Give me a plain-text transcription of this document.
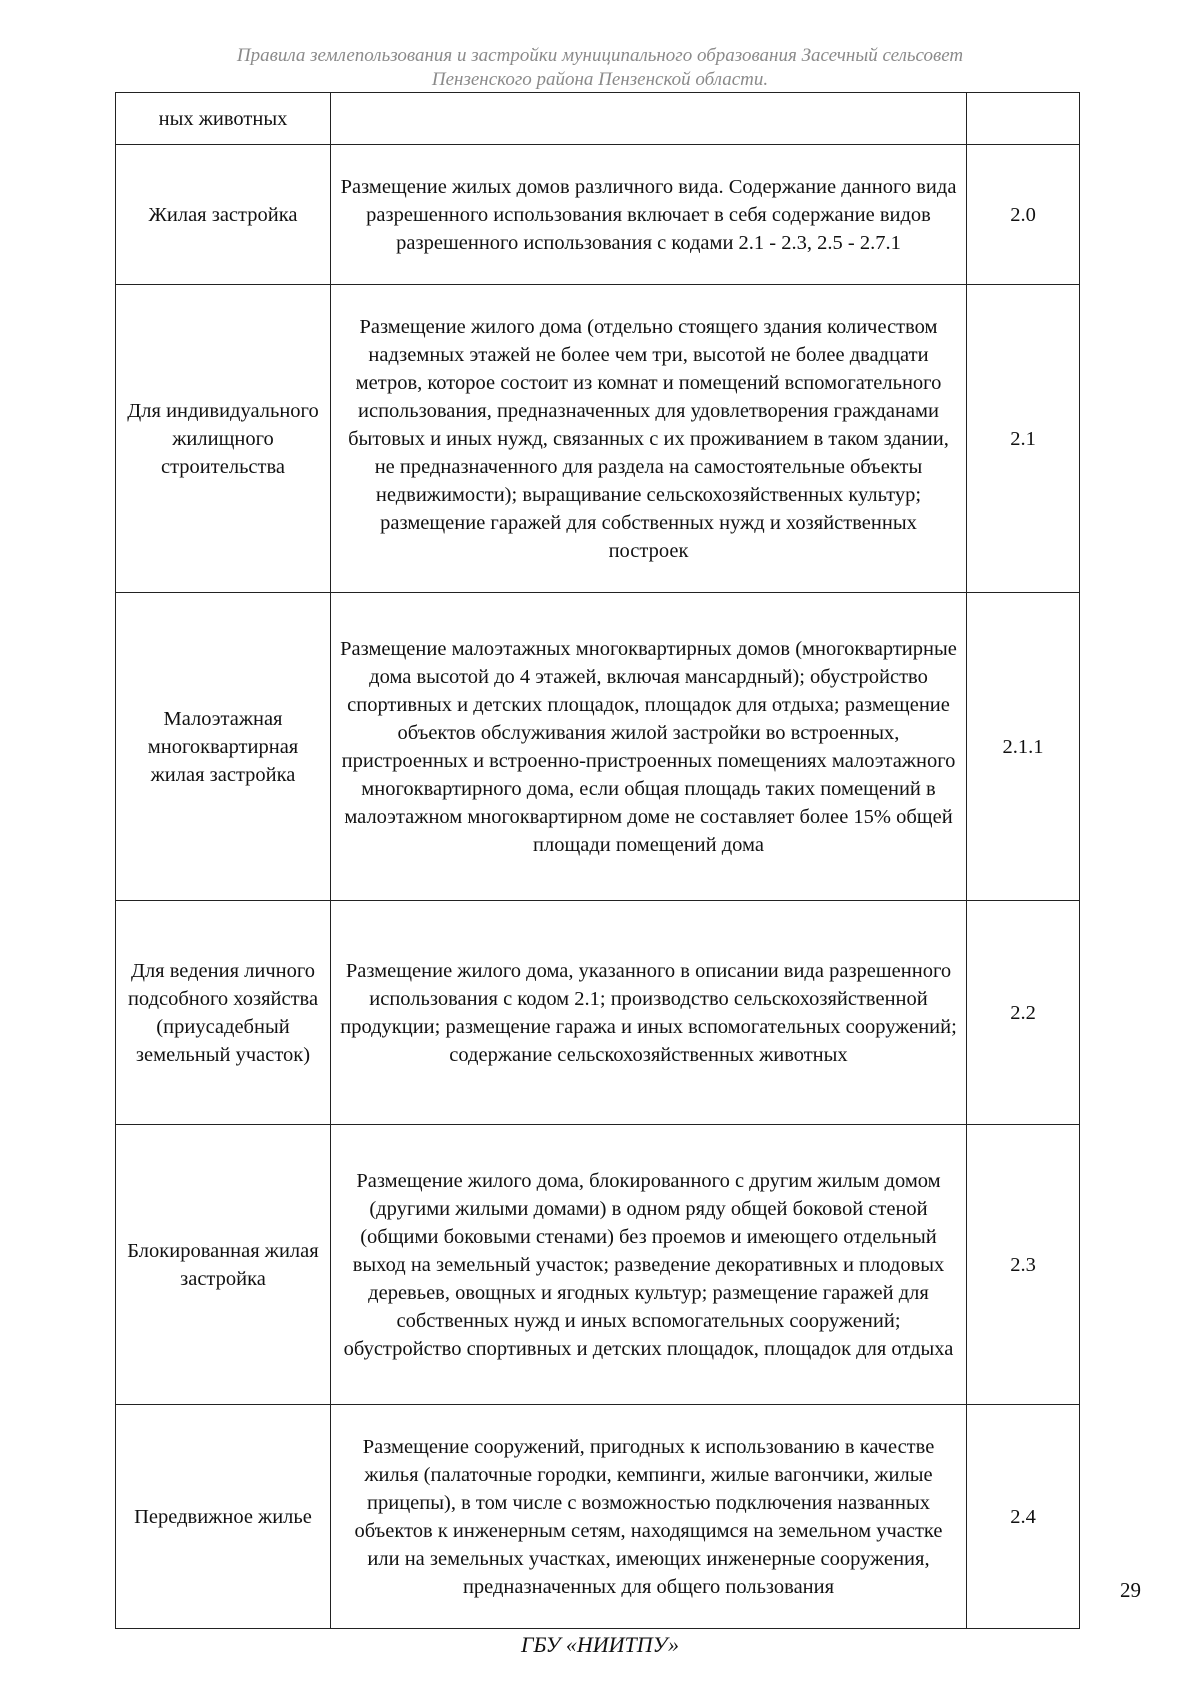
Правила землепользования и застройки муниципального образования Засечный сельсовет
Пензенского района Пензенской области.
ных животных		
Жилая застройка	Размещение жилых домов различного вида. Содержание данного вида разрешенного использования включает в себя содержание видов разрешенного использования с кодами 2.1 - 2.3, 2.5 - 2.7.1	2.0
Для индивидуального жилищного строительства	Размещение жилого дома (отдельно стоящего здания количеством надземных этажей не более чем три, высотой не более двадцати метров, которое состоит из комнат и помещений вспомогательного использования, предназначенных для удовлетворения гражданами бытовых и иных нужд, связанных с их проживанием в таком здании, не предназначенного для раздела на самостоятельные объекты недвижимости); выращивание сельскохозяйственных культур; размещение гаражей для собственных нужд и хозяйственных построек	2.1
Малоэтажная многоквартирная жилая застройка	Размещение малоэтажных многоквартирных домов (многоквартирные дома высотой до 4 этажей, включая мансардный); обустройство спортивных и детских площадок, площадок для отдыха; размещение объектов обслуживания жилой застройки во встроенных, пристроенных и встроенно-пристроенных помещениях малоэтажного многоквартирного дома, если общая площадь таких помещений в малоэтажном многоквартирном доме не составляет более 15% общей площади помещений дома	2.1.1
Для ведения личного подсобного хозяйства (приусадебный земельный участок)	Размещение жилого дома, указанного в описании вида разрешенного использования с кодом 2.1; производство сельскохозяйственной продукции; размещение гаража и иных вспомогательных сооружений; содержание сельскохозяйственных животных	2.2
Блокированная жилая застройка	Размещение жилого дома, блокированного с другим жилым домом (другими жилыми домами) в одном ряду общей боковой стеной (общими боковыми стенами) без проемов и имеющего отдельный выход на земельный участок; разведение декоративных и плодовых деревьев, овощных и ягодных культур; размещение гаражей для собственных нужд и иных вспомогательных сооружений; обустройство спортивных и детских площадок, площадок для отдыха	2.3
Передвижное жилье	Размещение сооружений, пригодных к использованию в качестве жилья (палаточные городки, кемпинги, жилые вагончики, жилые прицепы), в том числе с возможностью подключения названных объектов к инженерным сетям, находящимся на земельном участке или на земельных участках, имеющих инженерные сооружения, предназначенных для общего пользования	2.4
29
ГБУ «НИИТПУ»
